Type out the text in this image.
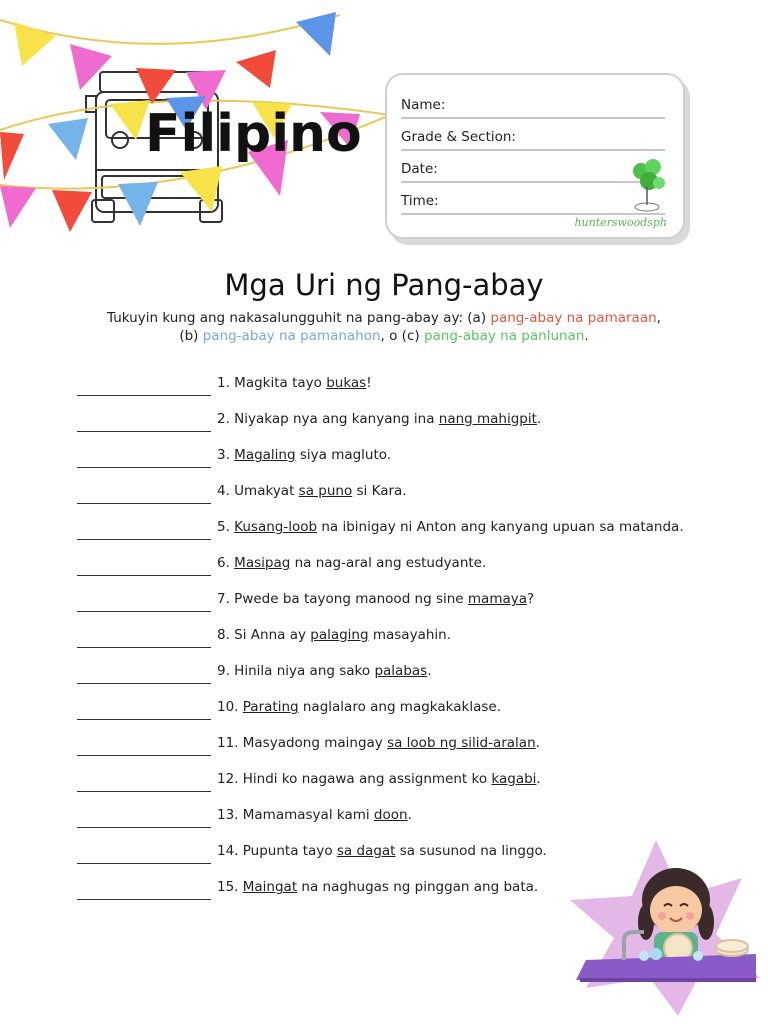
Filipino	Name:
Grade & Section:
Date:
Time:
hunterswoodsph
Mga Uri ng Pang-abay
Tukuyin kung ang nakasalungguhit na pang-abay ay: (a) pang-abay na pamaraan,
(b) pang-abay na pamanahon, o (c) pang-abay na panlunan.
1. Magkita tayo bukas!
2. Niyakap nya ang kanyang ina nang mahigpit.
3. Magaling siya magluto.
4. Umakyat sa puno si Kara.
5. Kusang-loob na ibinigay ni Anton ang kanyang upuan sa matanda.
6. Masipag na nag-aral ang estudyante.
7. Pwede ba tayong manood ng sine mamaya?
8. Si Anna ay palaging masayahin.
9. Hinila niya ang sako palabas.
10. Parating naglalaro ang magkakaklase.
11. Masyadong maingay sa loob ng silid-aralan.
12. Hindi ko nagawa ang assignment ko kagabi.
13. Mamamasyal kami doon.
14. Pupunta tayo sa dagat sa susunod na linggo.
15. Maingat na naghugas ng pinggan ang bata.
